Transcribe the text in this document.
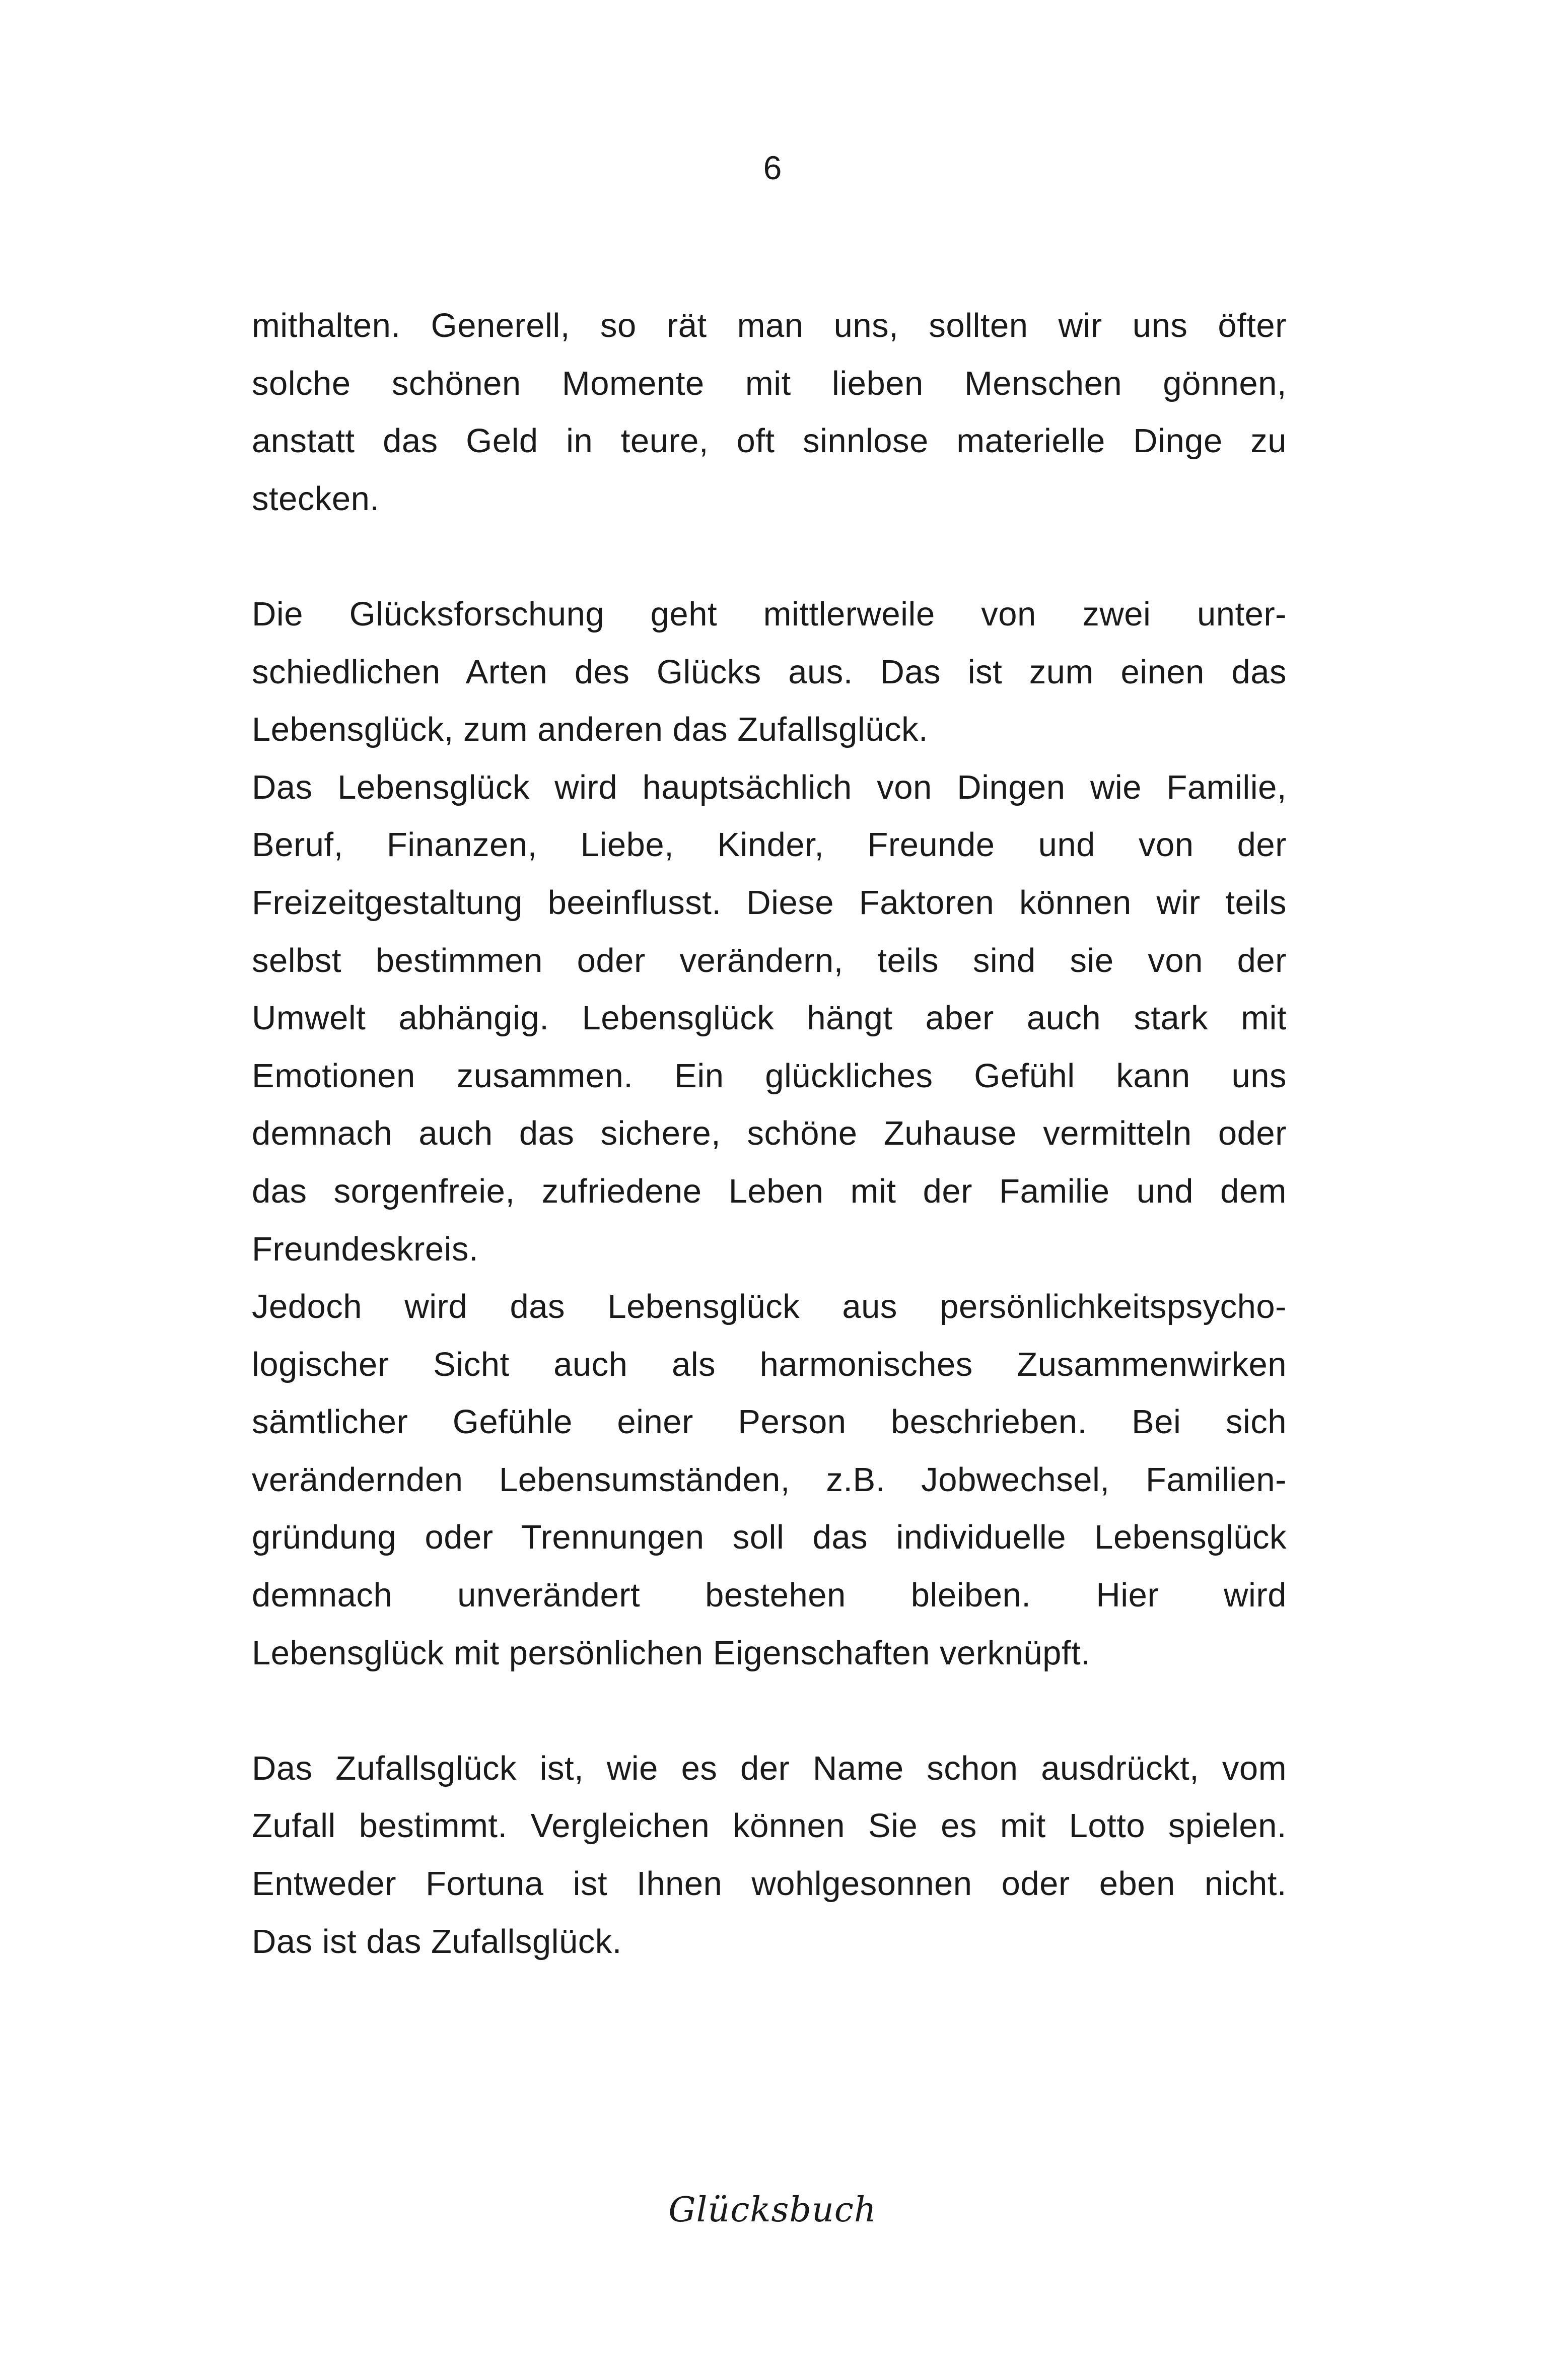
6
mithalten. Generell, so rät man uns, sollten wir uns öfter
solche schönen Momente mit lieben Menschen gönnen,
anstatt das Geld in teure, oft sinnlose materielle Dinge zu
stecken.
Die Glücksforschung geht mittlerweile von zwei unter-
schiedlichen Arten des Glücks aus. Das ist zum einen das
Lebensglück, zum anderen das Zufallsglück.
Das Lebensglück wird hauptsächlich von Dingen wie Familie,
Beruf, Finanzen, Liebe, Kinder, Freunde und von der
Freizeitgestaltung beeinflusst. Diese Faktoren können wir teils
selbst bestimmen oder verändern, teils sind sie von der
Umwelt abhängig. Lebensglück hängt aber auch stark mit
Emotionen zusammen. Ein glückliches Gefühl kann uns
demnach auch das sichere, schöne Zuhause vermitteln oder
das sorgenfreie, zufriedene Leben mit der Familie und dem
Freundeskreis.
Jedoch wird das Lebensglück aus persönlichkeitspsycho-
logischer Sicht auch als harmonisches Zusammenwirken
sämtlicher Gefühle einer Person beschrieben. Bei sich
verändernden Lebensumständen, z.B. Jobwechsel, Familien-
gründung oder Trennungen soll das individuelle Lebensglück
demnach unverändert bestehen bleiben. Hier wird
Lebensglück mit persönlichen Eigenschaften verknüpft.
Das Zufallsglück ist, wie es der Name schon ausdrückt, vom
Zufall bestimmt. Vergleichen können Sie es mit Lotto spielen.
Entweder Fortuna ist Ihnen wohlgesonnen oder eben nicht.
Das ist das Zufallsglück.
Glücksbuch
